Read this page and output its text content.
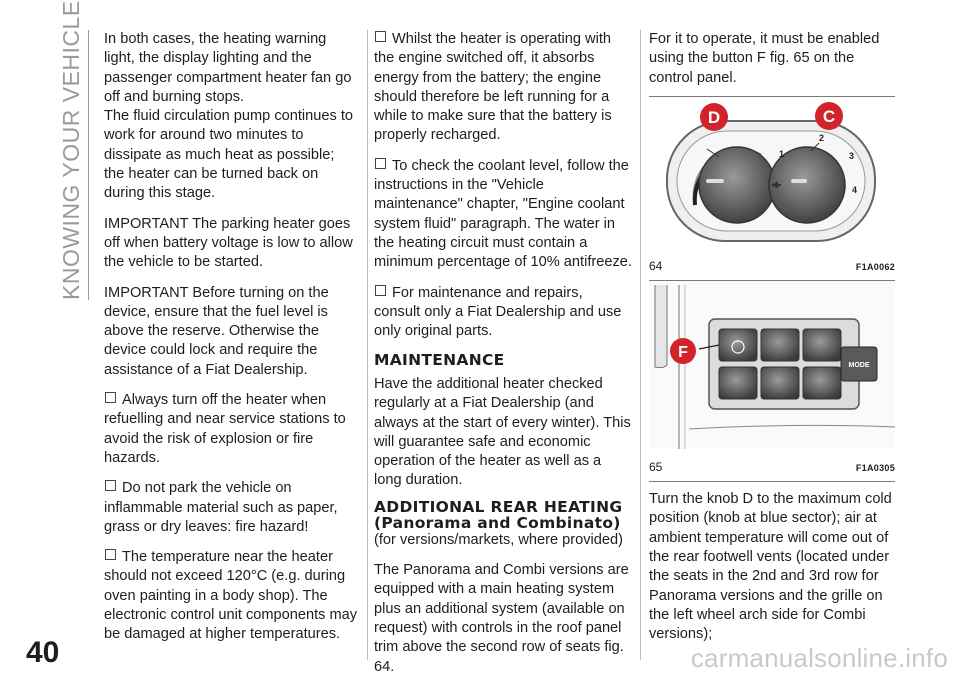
KNOWING YOUR VEHICLE In both cases, the heating warning light, the display lighting and the passenger compartment heater fan go off and burning stops.

The fluid circulation pump continues to work for around two minutes to dissipate as much heat as possible; the heater can be turned back on during this stage.

IMPORTANT The parking heater goes off when battery voltage is low to allow the vehicle to be started.

IMPORTANT Before turning on the device, ensure that the fuel level is above the reserve. Otherwise the device could lock and require the assistance of a Fiat Dealership.

Always turn off the heater when refuelling and near service stations to avoid the risk of explosion or fire hazards.

Do not park the vehicle on inflammable material such as paper, grass or dry leaves: fire hazard!

The temperature near the heater should not exceed 120°C (e.g. during oven painting in a body shop). The electronic control unit components may be damaged at higher temperatures.

Whilst the heater is operating with the engine switched off, it absorbs energy from the battery; the engine should therefore be left running for a while to make sure that the battery is properly recharged.

To check the coolant level, follow the instructions in the "Vehicle maintenance" chapter, "Engine coolant system fluid" paragraph. The water in the heating circuit must contain a minimum percentage of 10% antifreeze.

For maintenance and repairs, consult only a Fiat Dealership and use only original parts.

MAINTENANCE

Have the additional heater checked regularly at a Fiat Dealership (and always at the start of every winter). This will guarantee safe and economic operation of the heater as well as a long duration.

ADDITIONAL REAR HEATING (Panorama and Combinato)

(for versions/markets, where provided)

The Panorama and Combi versions are equipped with a main heating system plus an additional system (available on request) with controls in the roof panel trim above the second row of seats fig. 64.

For it to operate, it must be enabled using the button F fig. 65 on the control panel.

1
2
3
4
D	C
64	F1A0062
MODE
F
65	F1A0305

Turn the knob D to the maximum cold position (knob at blue sector); air at ambient temperature will come out of the rear footwell vents (located under the seats in the 2nd and 3rd row for Panorama versions and the grille on the left wheel arch side for Combi versions);

40	carmanualsonline.info
